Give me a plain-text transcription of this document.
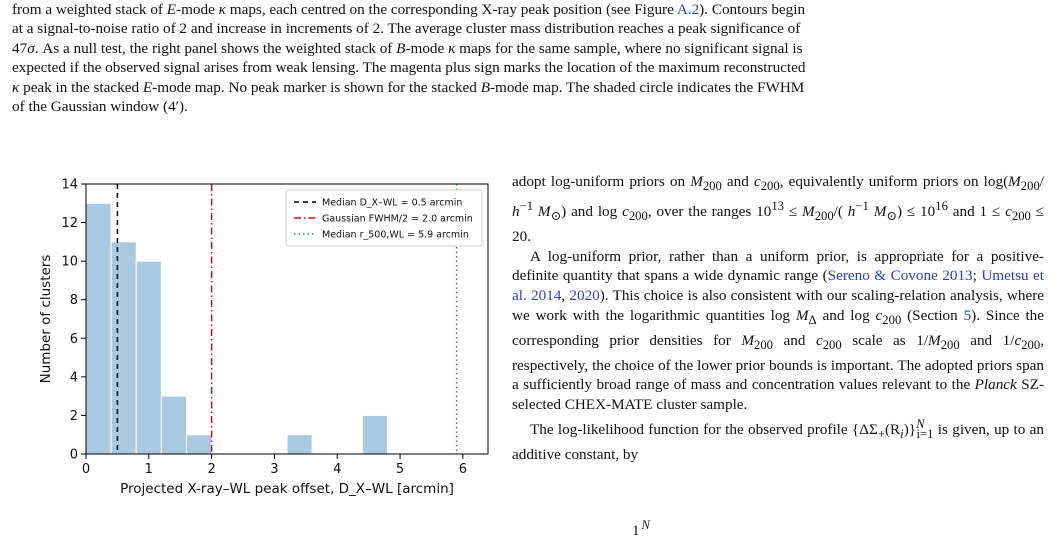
from a weighted stack of E-mode κ maps, each centred on the corresponding X-ray peak position (see Figure A.2). Contours begin

at a signal-to-noise ratio of 2 and increase in increments of 2. The average cluster mass distribution reaches a peak significance of

47σ. As a null test, the right panel shows the weighted stack of B-mode κ maps for the same sample, where no significant signal is

expected if the observed signal arises from weak lensing. The magenta plus sign marks the location of the maximum reconstructed

κ peak in the stacked E-mode map. No peak marker is shown for the stacked B-mode map. The shaded circle indicates the FWHM

of the Gaussian window (4′).

0	1	2	3	4	5	6
0
2
4
6
8
10
12
14
Projected X-ray–WL peak offset, D_X–WL [arcmin]
Number of clusters
Median D_X–WL = 0.5 arcmin
Gaussian FWHM/2 = 2.0 arcmin
Median r_500,WL = 5.9 arcmin

adopt log-uniform priors on $M_{200}$ and $c_{200}$, equivalently uniform priors on $\log(M_{200}/$ $h^{-1}$ $M_⊙$) and $\log c_{200}$, over the ranges $10^{13} \le M_{200}/$( $h^{-1}$ $M_⊙) \le 10^{16}$ and $1 \le c_{200} \le 20$.

A log-uniform prior, rather than a uniform prior, is appropriate for a positive-definite quantity that spans a wide dynamic range (Sereno & Covone 2013; Umetsu et al. 2014, 2020). This choice is also consistent with our scaling-relation analysis, where we work with the logarithmic quantities $\log M_\Delta$ and $\log c_{200}$ (Section 5). Since the corresponding prior densities for $M_{200}$ and $c_{200}$ scale as $1/M_{200}$ and $1/c_{200}$, respectively, the choice of the lower prior bounds is important. The adopted priors span a sufficiently broad range of mass and concentration values relevant to the Planck SZ-selected CHEX-MATE cluster sample.

The log-likelihood function for the observed profile $\{\Delta\Sigma_+(R_i)\}^N_{i=1}$ is given, up to an additive constant, by

1 $^N$
